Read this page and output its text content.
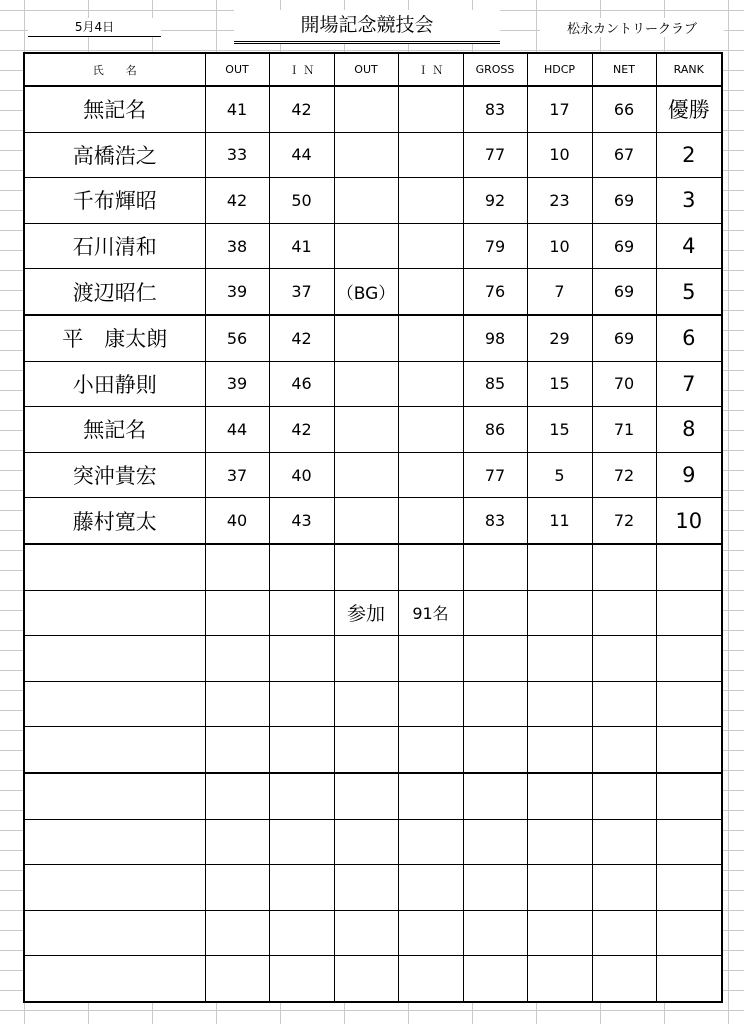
5月4日	開場記念競技会	松永カントリークラブ
氏　　名	OUT	Ｉ Ｎ	OUT	Ｉ Ｎ	GROSS	HDCP	NET	RANK
無記名	41	42			83	17	66	優勝
高橋浩之	33	44			77	10	67	2
千布輝昭	42	50			92	23	69	3
石川清和	38	41			79	10	69	4
渡辺昭仁	39	37	（BG）		76	7	69	5
平　康太朗	56	42			98	29	69	6
小田静則	39	46			85	15	70	7
無記名	44	42			86	15	71	8
突沖貴宏	37	40			77	5	72	9
藤村寛太	40	43			83	11	72	10

			参加	91名				
